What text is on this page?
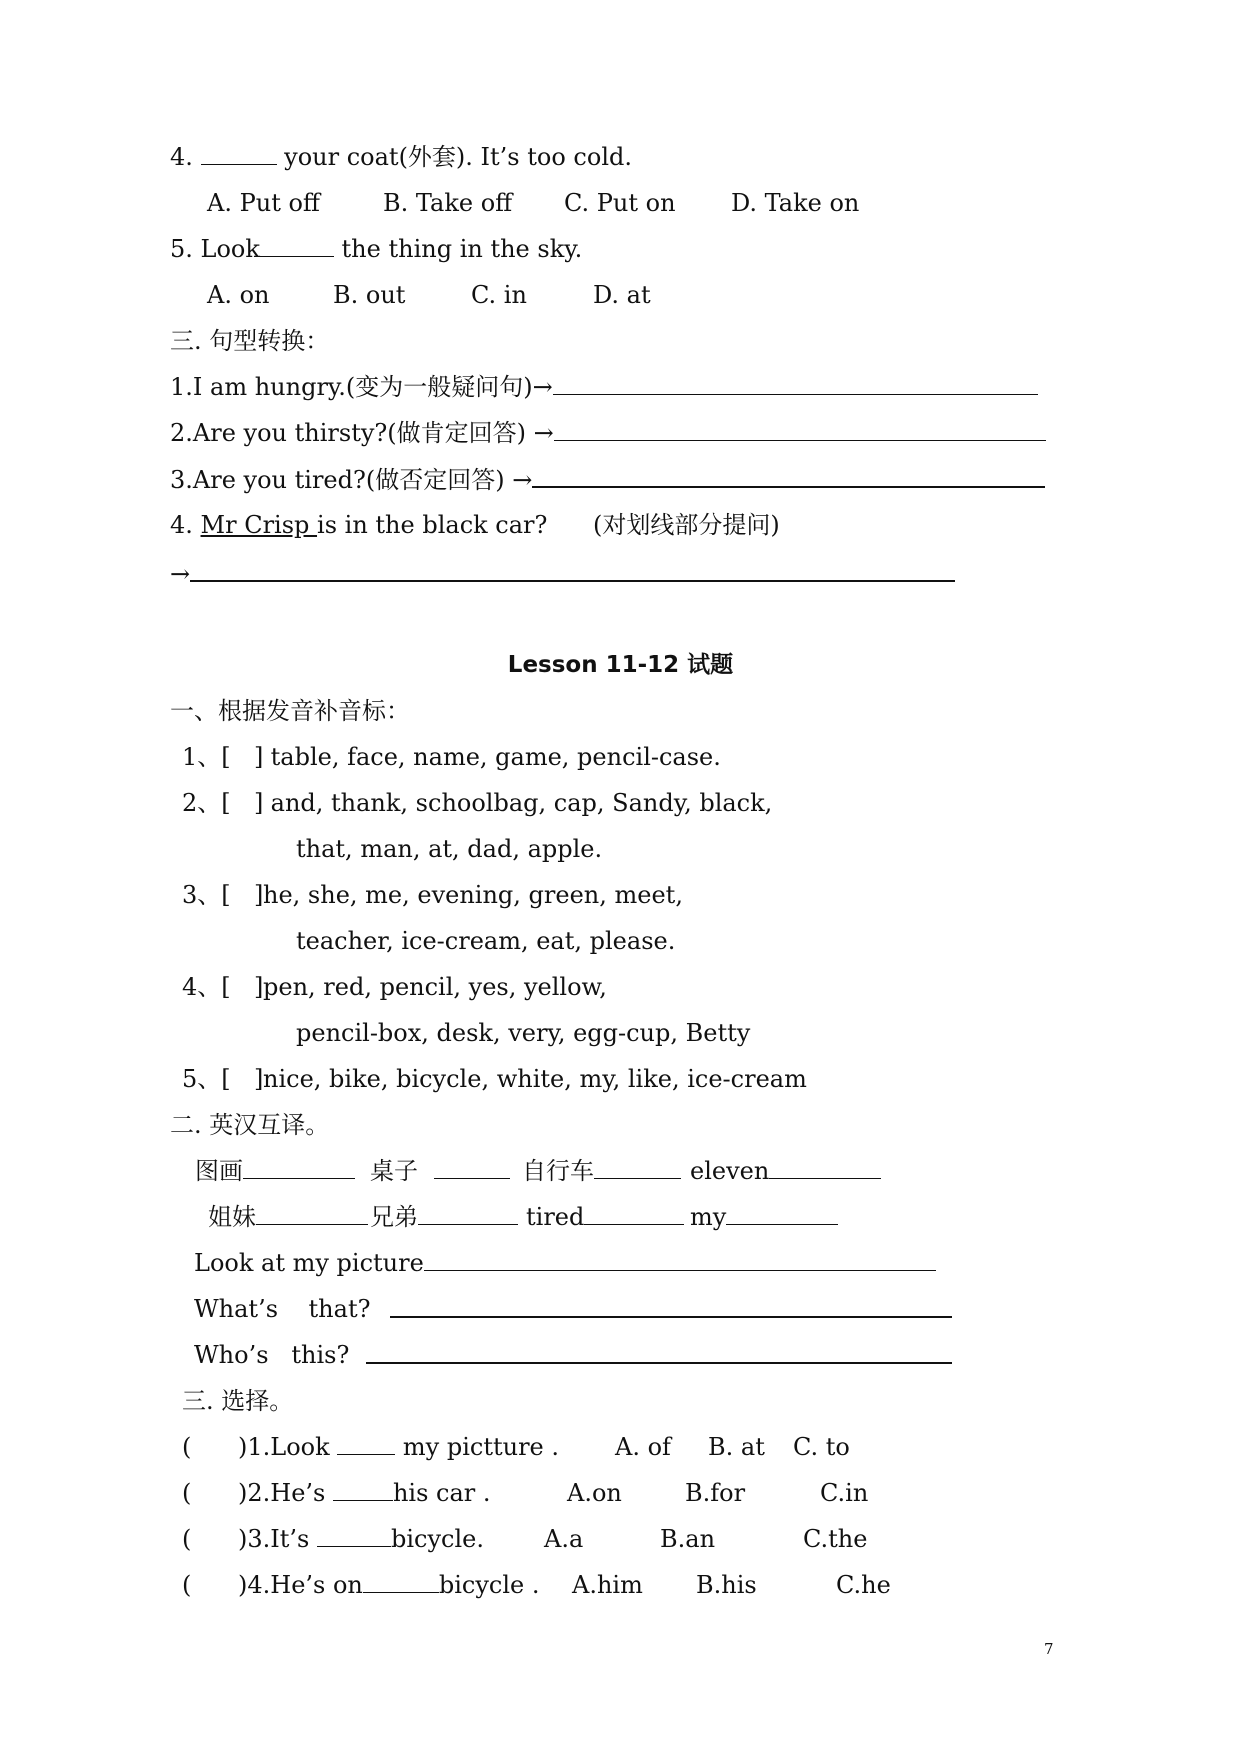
4.	your coat(外套). It’s too cold.
A. Put off	B. Take off C. Put on D. Take on
5. Look	the thing in the sky.
A. on	B. out	C. in	D. at
三. 句型转换：
1.I am hungry.(变为一般疑问句)→
2.Are you thirsty?(做肯定回答) →
3.Are you tired?(做否定回答) →
4. Mr Crisp is in the black car? (对划线部分提问)
→
Lesson 11-12 试题
一、根据发音补音标：
1、[ ] table, face, name, game, pencil-case.
2、[ ] and, thank, schoolbag, cap, Sandy, black,
that, man, at, dad, apple.
3、[ ] he, she, me, evening, green, meet,
teacher, ice-cream, eat, please.
4、[ ] pen, red, pencil, yes, yellow,
pencil-box, desk, very, egg-cup, Betty
5、[ ] nice, bike, bicycle, white, my, like, ice-cream
二. 英汉互译。
图画	桌子	自行车	eleven
姐妹	兄弟	tired	my
Look at my picture
What’s    that?
Who’s   this?
三. 选择。
( )1.Look  my pictture . A. of B. at C. to
( )2.He’s	his car .	A.on	B.for	C.in
( )3.It’s	bicycle.	A.a	B.an	C.the
( )4.He’s on	bicycle . A.him B.his	C.he
7
